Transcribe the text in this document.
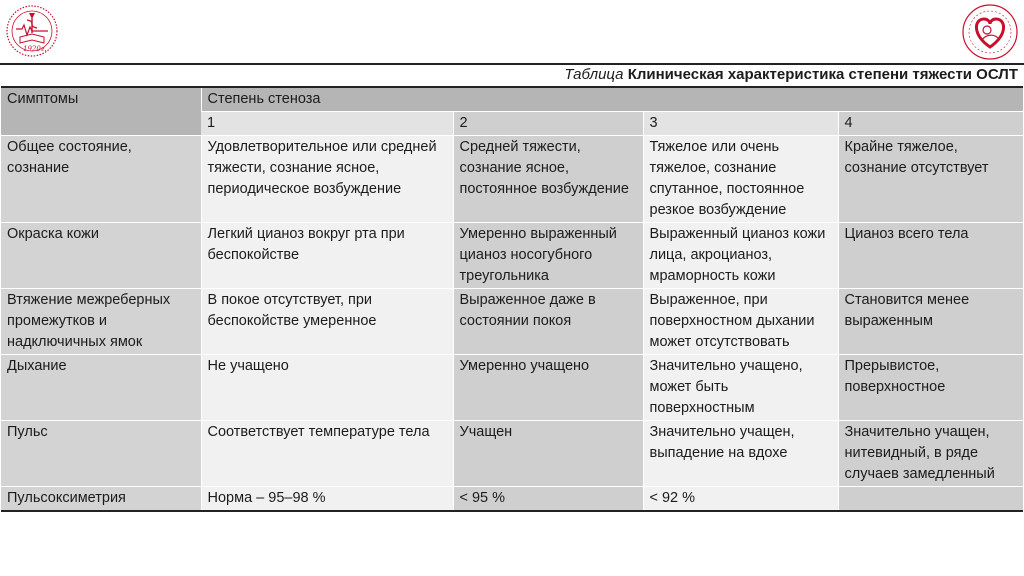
1920г.
Таблица Клиническая характеристика степени тяжести ОСЛТ
Симптомы	Степень стеноза			
	1	2	3	4
Общее состояние, сознание	Удовлетворительное или средней тяжести, сознание ясное, периодическое возбуждение	Средней тяжести, сознание ясное, постоянное возбуждение	Тяжелое или очень тяжелое, сознание спутанное, постоянное резкое возбуждение	Крайне тяжелое, сознание отсутствует
Окраска кожи	Легкий цианоз вокруг рта при беспокойстве	Умеренно выраженный цианоз носогубного треугольника	Выраженный цианоз кожи лица, акроцианоз, мраморность кожи	Цианоз всего тела
Втяжение межреберных промежутков и надключичных ямок	В покое отсутствует, при беспокойстве умеренное	Выраженное даже в состоянии покоя	Выраженное, при поверхностном дыхании может отсутствовать	Становится менее выраженным
Дыхание	Не учащено	Умеренно учащено	Значительно учащено, может быть поверхностным	Прерывистое, поверхностное
Пульс	Соответствует температуре тела	Учащен	Значительно учащен, выпадение на вдохе	Значительно учащен, нитевидный, в ряде случаев замедленный
Пульсоксиметрия	Норма – 95–98 %	< 95 %	< 92 %	
